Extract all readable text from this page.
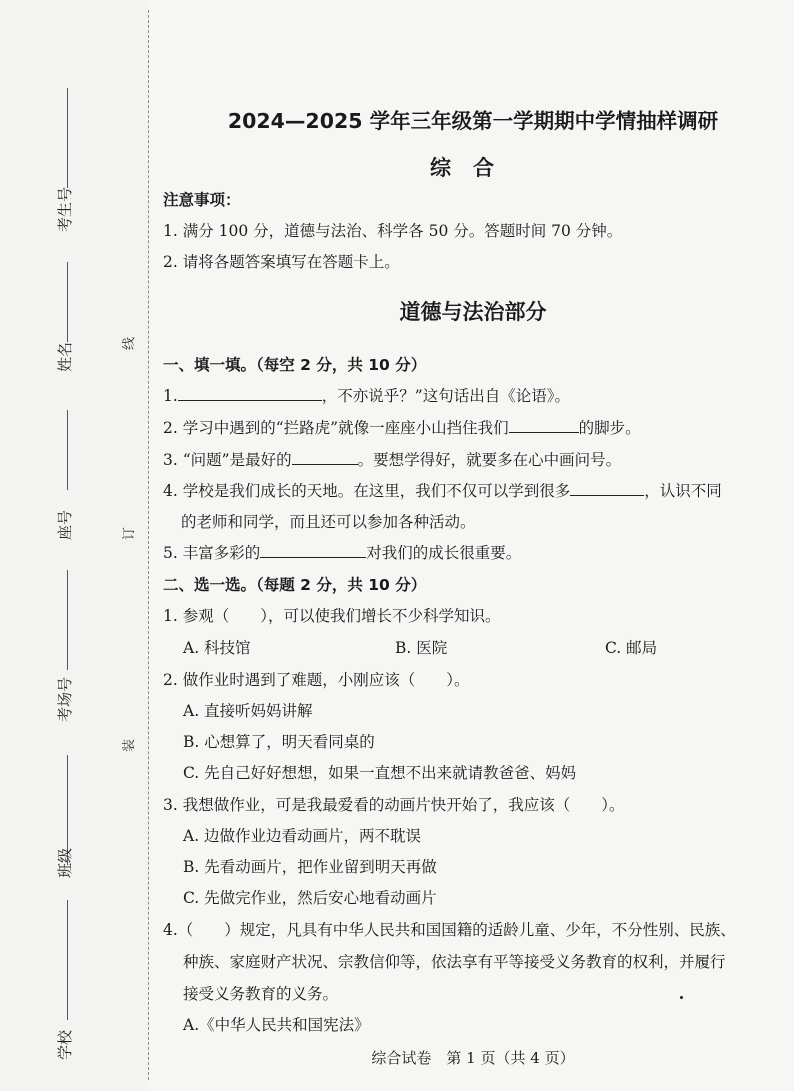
考生号
姓名
座号
考场号
班级
学校
线
订
装
2024—2025 学年三年级第一学期期中学情抽样调研
综合
注意事项：
1. 满分 100 分，道德与法治、科学各 50 分。答题时间 70 分钟。
2. 请将各题答案填写在答题卡上。
道德与法治部分
一、填一填。（每空 2 分，共 10 分）
1.	，不亦说乎？”这句话出自《论语》。
2. 学习中遇到的“拦路虎”就像一座座小山挡住我们	的脚步。
3. “问题”是最好的	。要想学得好，就要多在心中画问号。
4. 学校是我们成长的天地。在这里，我们不仅可以学到很多	，认识不同
的老师和同学，而且还可以参加各种活动。
5. 丰富多彩的	对我们的成长很重要。
二、选一选。（每题 2 分，共 10 分）
1. 参观（　　），可以使我们增长不少科学知识。
A. 科技馆	B. 医院	C. 邮局
2. 做作业时遇到了难题，小刚应该（　　）。
A. 直接听妈妈讲解
B. 心想算了，明天看同桌的
C. 先自己好好想想，如果一直想不出来就请教爸爸、妈妈
3. 我想做作业，可是我最爱看的动画片快开始了，我应该（　　）。
A. 边做作业边看动画片，两不耽误
B. 先看动画片，把作业留到明天再做
C. 先做完作业，然后安心地看动画片
4.（　　）规定，凡具有中华人民共和国国籍的适龄儿童、少年，不分性别、民族、
种族、家庭财产状况、宗教信仰等，依法享有平等接受义务教育的权利，并履行
接受义务教育的义务。
A.《中华人民共和国宪法》
综合试卷　第 1 页（共 4 页）
